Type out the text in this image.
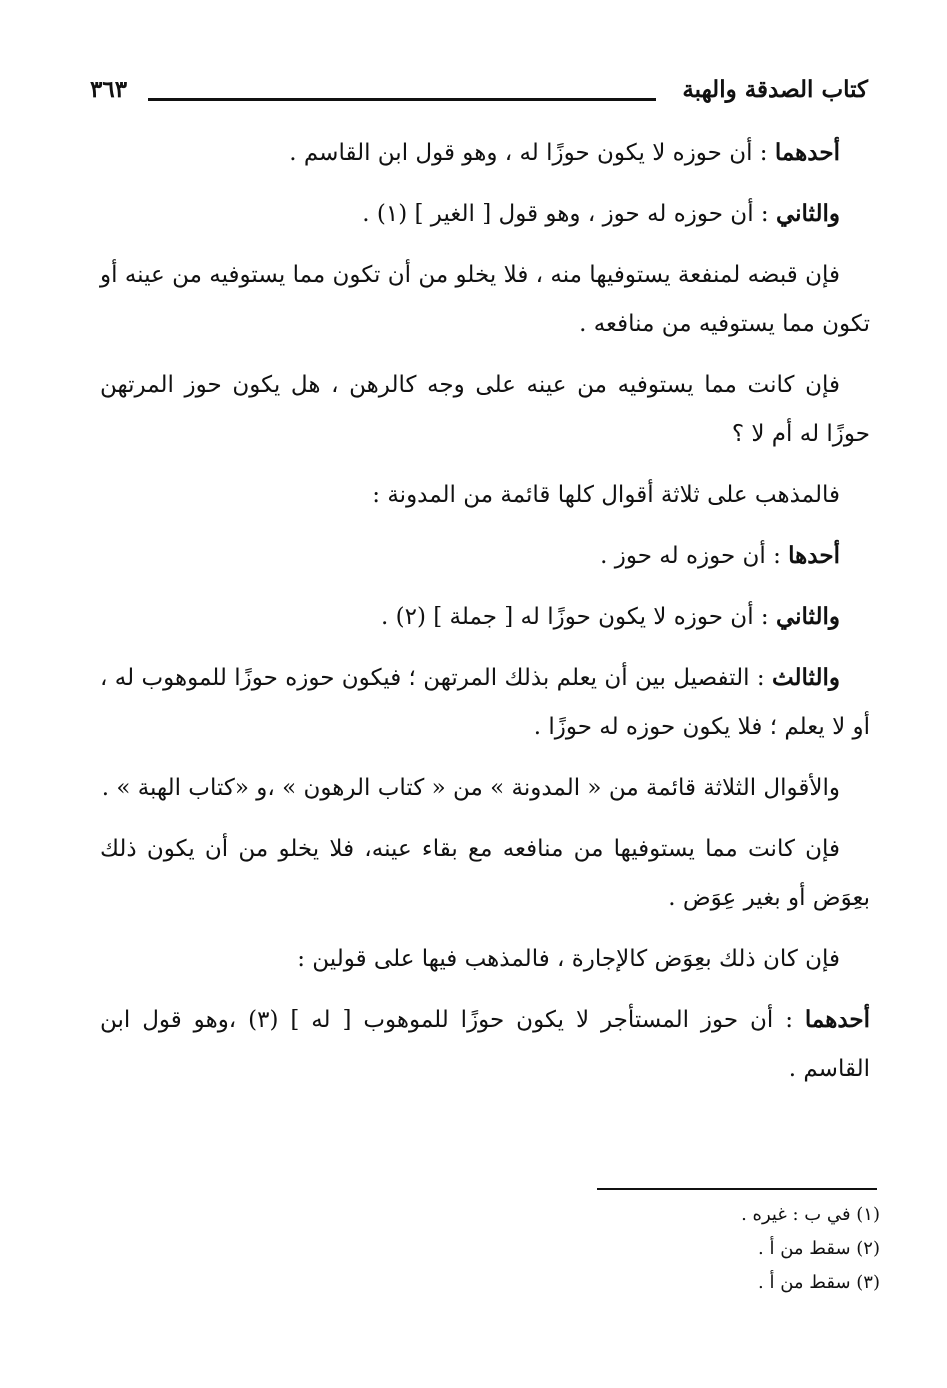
كتاب الصدقة والهبة
٣٦٣

أحدهما : أن حوزه لا يكون حوزًا له ، وهو قول ابن القاسم .

والثاني : أن حوزه له حوز ، وهو قول [ الغير ] (١) .

فإن قبضه لمنفعة يستوفيها منه ، فلا يخلو من أن تكون مما يستوفيه من عينه أو تكون مما يستوفيه من منافعه .

فإن كانت مما يستوفيه من عينه على وجه كالرهن ، هل يكون حوز المرتهن حوزًا له أم لا ؟

فالمذهب على ثلاثة أقوال كلها قائمة من المدونة :

أحدها : أن حوزه له حوز .

والثاني : أن حوزه لا يكون حوزًا له [ جملة ] (٢) .

والثالث : التفصيل بين أن يعلم بذلك المرتهن ؛ فيكون حوزه حوزًا للموهوب له ، أو لا يعلم ؛ فلا يكون حوزه له حوزًا .

والأقوال الثلاثة قائمة من « المدونة » من « كتاب الرهون » ،و «كتاب الهبة » .

فإن كانت مما يستوفيها من منافعه مع بقاء عينه، فلا يخلو من أن يكون ذلك بعِوَض أو بغير عِوَض .

فإن كان ذلك بعِوَض كالإجارة ، فالمذهب فيها على قولين :

أحدهما : أن حوز المستأجر لا يكون حوزًا للموهوب [ له ] (٣) ،وهو قول ابن القاسم .

(١) في ب : غيره .

(٢) سقط من أ .

(٣) سقط من أ .
